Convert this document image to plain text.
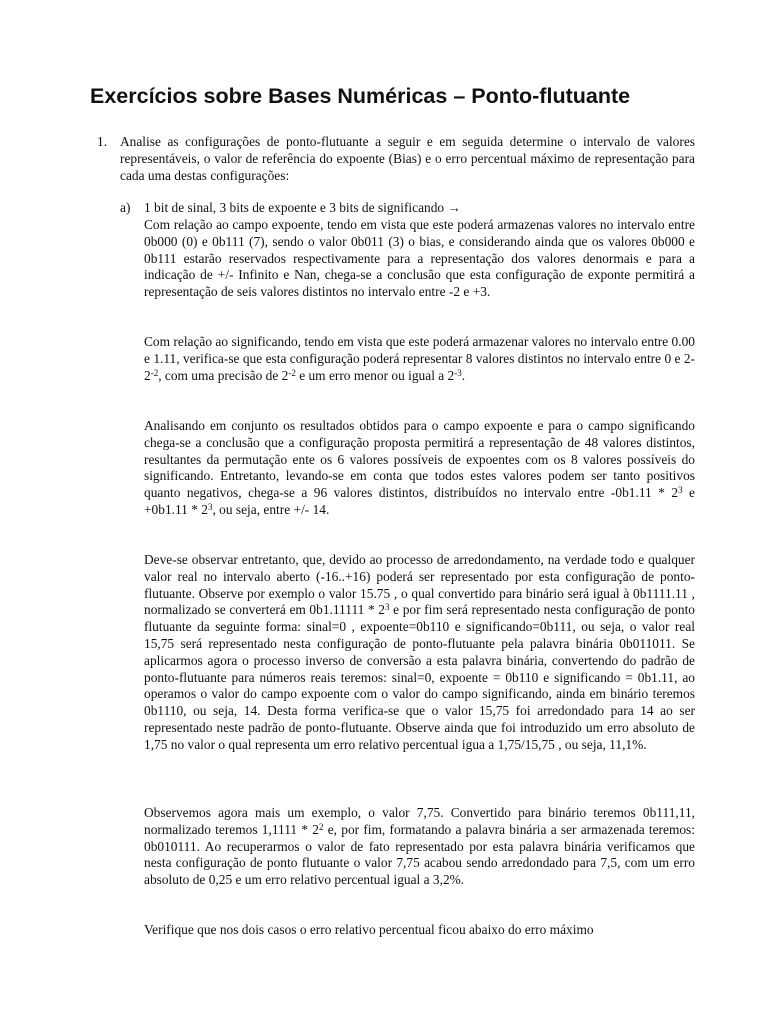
Exercícios sobre Bases Numéricas – Ponto-flutuante
1. Analise as configurações de ponto-flutuante a seguir e em seguida determine o intervalo de valores representáveis, o valor de referência do expoente (Bias) e o erro percentual máximo de representação para cada uma destas configurações:
a) 1 bit de sinal, 3 bits de expoente e 3 bits de significando →

Com relação ao campo expoente, tendo em vista que este poderá armazenas valores no intervalo entre 0b000 (0) e 0b111 (7), sendo o valor 0b011 (3) o bias, e considerando ainda que os valores 0b000 e 0b111 estarão reservados respectivamente para a representação dos valores denormais e para a indicação de +/- Infinito e Nan, chega-se a conclusão que esta configuração de exponte permitirá a representação de seis valores distintos no intervalo entre -2 e +3.

Com relação ao significando, tendo em vista que este poderá armazenar valores no intervalo entre 0.00 e 1.11, verifica-se que esta configuração poderá representar 8 valores distintos no intervalo entre 0 e $2-2^{-2}$, com uma precisão de $2^{-2}$ e um erro menor ou igual a $2^{-3}$.

Analisando em conjunto os resultados obtidos para o campo expoente e para o campo significando chega-se a conclusão que a configuração proposta permitirá a representação de 48 valores distintos, resultantes da permutação ente os 6 valores possíveis de expoentes com os 8 valores possíveis do significando. Entretanto, levando-se em conta que todos estes valores podem ser tanto positivos quanto negativos, chega-se a 96 valores distintos, distribuídos no intervalo entre $-0b1.11 * 2^3$ $e +0b1.11 * 2^3$, ou seja, entre +/- 14.

Deve-se observar entretanto, que, devido ao processo de arredondamento, na verdade todo e qualquer valor real no intervalo aberto (-16..+16) poderá ser representado por esta configuração de ponto-flutuante. Observe por exemplo o valor 15.75 , o qual convertido para binário será igual à 0b1111.11 , normalizado se converterá em $0b1.11111 * 2^3$ e por fim será representado nesta configuração de ponto flutuante da seguinte forma: sinal=0 , expoente=0b110 e significando=0b111, ou seja, o valor real 15,75 será representado nesta configuração de ponto-flutuante pela palavra binária 0b011011. Se aplicarmos agora o processo inverso de conversão a esta palavra binária, convertendo do padrão de ponto-flutuante para números reais teremos: sinal=0, expoente = 0b110 e significando = 0b1.11, ao operamos o valor do campo expoente com o valor do campo significando, ainda em binário teremos 0b1110, ou seja, 14. Desta forma verifica-se que o valor 15,75 foi arredondado para 14 ao ser representado neste padrão de ponto-flutuante. Observe ainda que foi introduzido um erro absoluto de 1,75 no valor o qual representa um erro relativo percentual igua a 1,75/15,75 , ou seja, 11,1%.

Observemos agora mais um exemplo, o valor 7,75. Convertido para binário teremos 0b111,11, normalizado teremos $1,1111 * 2^2$ e, por fim, formatando a palavra binária a ser armazenada teremos: 0b010111. Ao recuperarmos o valor de fato representado por esta palavra binária verificamos que nesta configuração de ponto flutuante o valor 7,75 acabou sendo arredondado para 7,5, com um erro absoluto de 0,25 e um erro relativo percentual igual a 3,2%.

Verifique que nos dois casos o erro relativo percentual ficou abaixo do erro máximo
